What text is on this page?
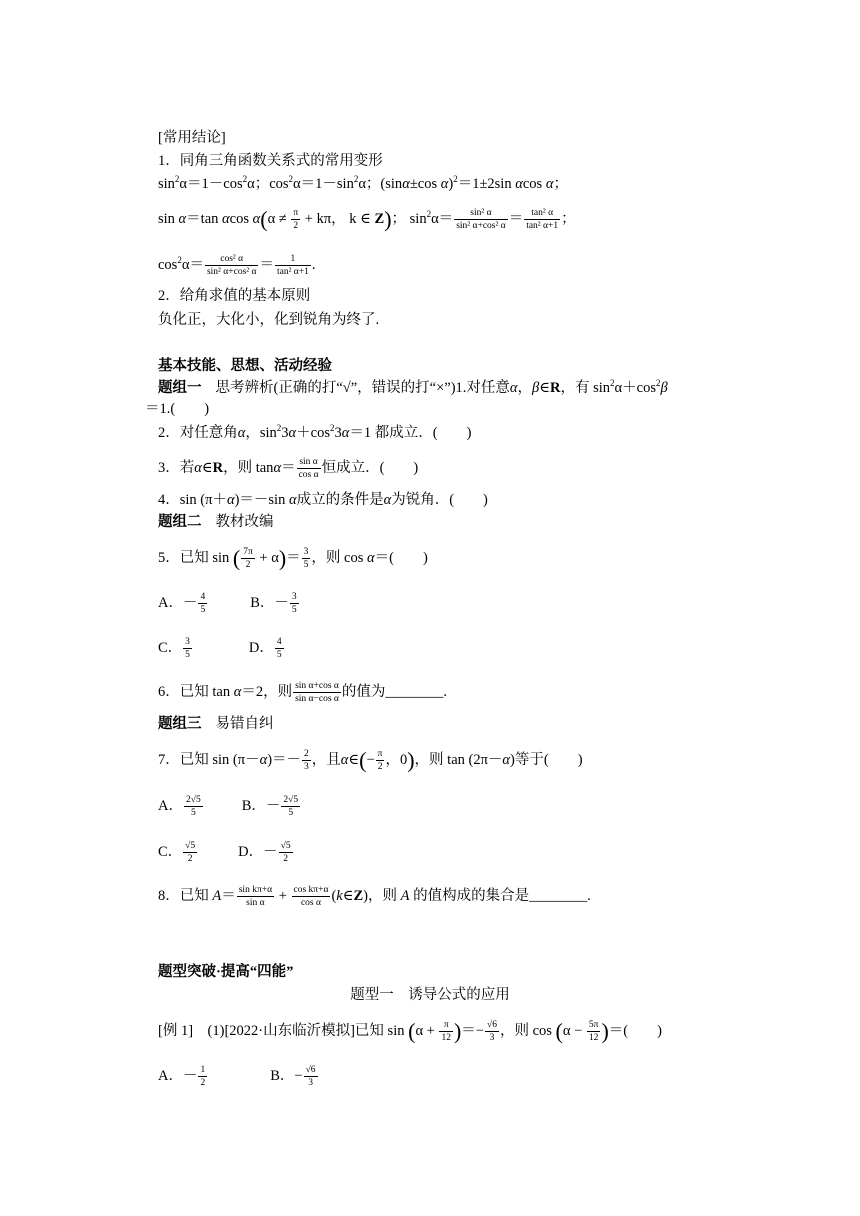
[常用结论]
1．同角三角函数关系式的常用变形
$\sin^2\alpha=1-\cos^2\alpha$；$\cos^2\alpha=1-\sin^2\alpha$；(sinα±cos α)$^2$＝1±2sin αcos α；
sin α＝tan αcos $\alpha(\alpha \ne \frac{\pi}{2} + k\pi$， k ∈ Z)； $\sin^2\alpha= \frac{\text{sin² α}}{\text{sin² α+cos² α}} = \frac{\text{tan² α}}{\text{tan² α+1}}$ ；
$\cos^2\alpha= \frac{\text{cos² α}}{\text{sin² α+cos² α}} = \frac{1}{\text{tan² α+1}}$ .
2．给角求值的基本原则
负化正，大化小，化到锐角为终了.
基本技能、思想、活动经验
题组一 思考辨析(正确的打“√”，错误的打“×”)1.对任意α，β∈R，有 $\sin^2\alpha+\cos^2\beta$
＝1.(　　)
2．对任意角α，$\sin^23\alpha+\cos^23\alpha=1$ 都成立．(　　)
3．若α∈R，则 $\tan\alpha= \frac{\text{sin α}}{\text{cos α}}$ 恒成立．(　　)
4．sin (π＋α)＝－sin α成立的条件是α为锐角．(　　)
题组二 教材改编
5．已知 sin ( $\frac{7\pi}{2} + \alpha)= \frac{3}{5}$ ，则 cos α＝(　　)
A．－ $\frac{4}{5}$	B．－ $\frac{3}{5}$
C． $\frac{3}{5}$	D． $\frac{4}{5}$
6．已知 tan α＝2，则 $\frac{\text{sin α+cos α}}{\text{sin α−cos α}}$ 的值为________.
题组三 易错自纠
7．已知 $\sin (\pi-\alpha)=- \frac{2}{3}$ ，且α∈(− $\frac{\pi}{2}$ ，0)，则 tan (2π－α)等于(　　)
A． $\frac{2√5}{5}$	B．－ $\frac{2√5}{5}$
C． $\frac{√5}{2}$	D．－ $\frac{√5}{2}$
8．已知 $A= \frac{\text{sin kπ+α}}{\text{sin α}} + \frac{\text{cos kπ+α}}{\text{cos α}}$ (k∈Z)，则 A 的值构成的集合是________.
题型突破·提高“四能”
题型一　诱导公式的应用
[例 1]　(1)[2022·山东临沂模拟]已知 $\sin (\alpha + \frac{\pi}{12}$ )＝− $\frac{√6}{3}$ ，则 $\cos (\alpha - \frac{5\pi}{12}$ )＝(　　)
A．－ $\frac{1}{2}$	B．− $\frac{√6}{3}$
